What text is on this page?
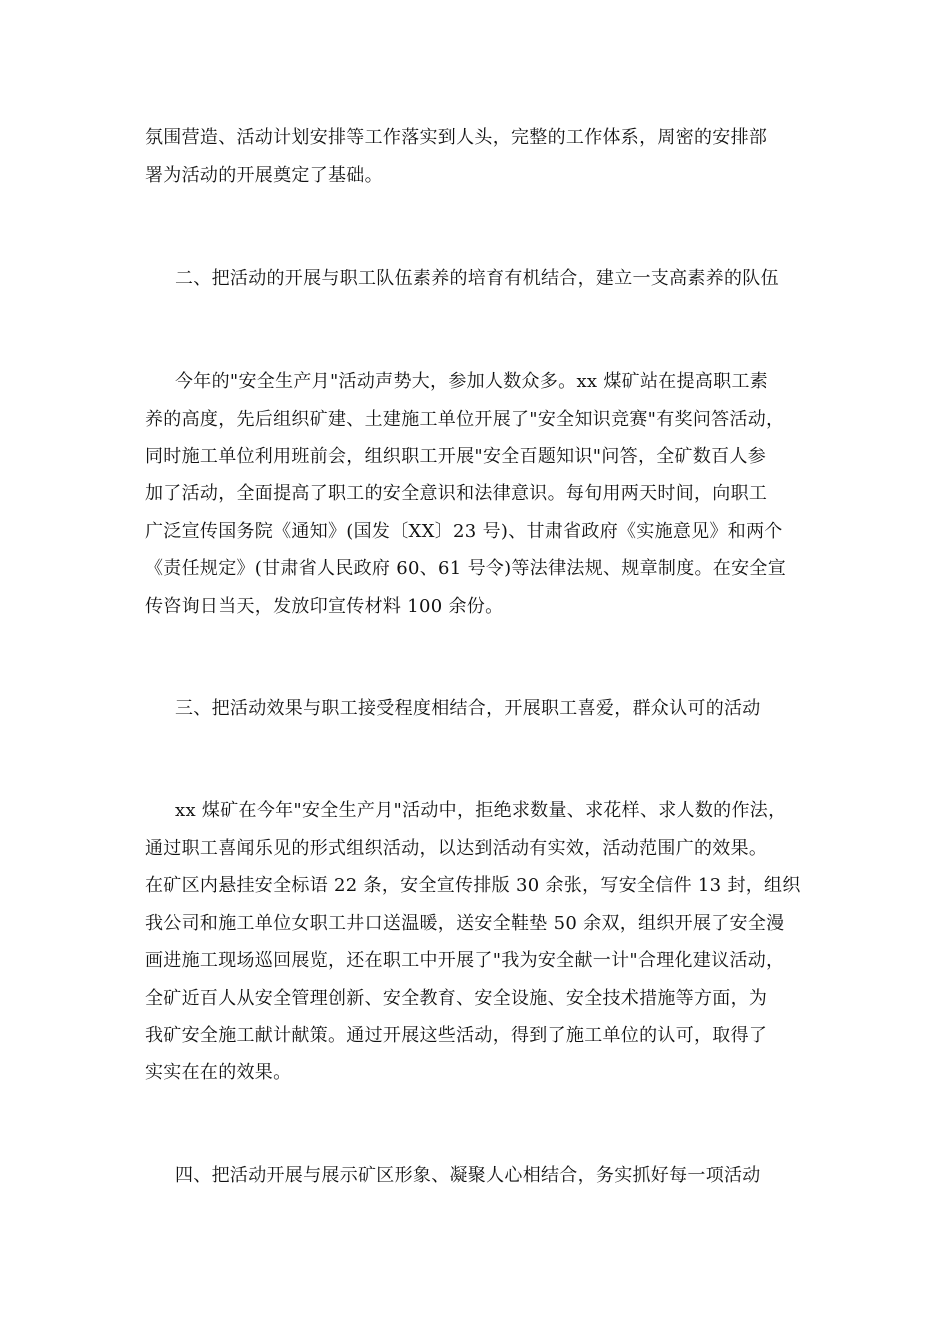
氛围营造、活动计划安排等工作落实到人头，完整的工作体系，周密的安排部
署为活动的开展奠定了基础。
二、把活动的开展与职工队伍素养的培育有机结合，建立一支高素养的队伍
今年的"安全生产月"活动声势大，参加人数众多。xx 煤矿站在提高职工素
养的高度，先后组织矿建、土建施工单位开展了"安全知识竞赛"有奖问答活动，
同时施工单位利用班前会，组织职工开展"安全百题知识"问答，全矿数百人参
加了活动，全面提高了职工的安全意识和法律意识。每旬用两天时间，向职工
广泛宣传国务院《通知》(国发〔XX〕23 号)、甘肃省政府《实施意见》和两个
《责任规定》(甘肃省人民政府 60、61 号令)等法律法规、规章制度。在安全宣
传咨询日当天，发放印宣传材料 100 余份。
三、把活动效果与职工接受程度相结合，开展职工喜爱，群众认可的活动
xx 煤矿在今年"安全生产月"活动中，拒绝求数量、求花样、求人数的作法，
通过职工喜闻乐见的形式组织活动，以达到活动有实效，活动范围广的效果。
在矿区内悬挂安全标语 22 条，安全宣传排版 30 余张，写安全信件 13 封，组织
我公司和施工单位女职工井口送温暖，送安全鞋垫 50 余双，组织开展了安全漫
画进施工现场巡回展览，还在职工中开展了"我为安全献一计"合理化建议活动，
全矿近百人从安全管理创新、安全教育、安全设施、安全技术措施等方面，为
我矿安全施工献计献策。通过开展这些活动，得到了施工单位的认可，取得了
实实在在的效果。
四、把活动开展与展示矿区形象、凝聚人心相结合，务实抓好每一项活动
